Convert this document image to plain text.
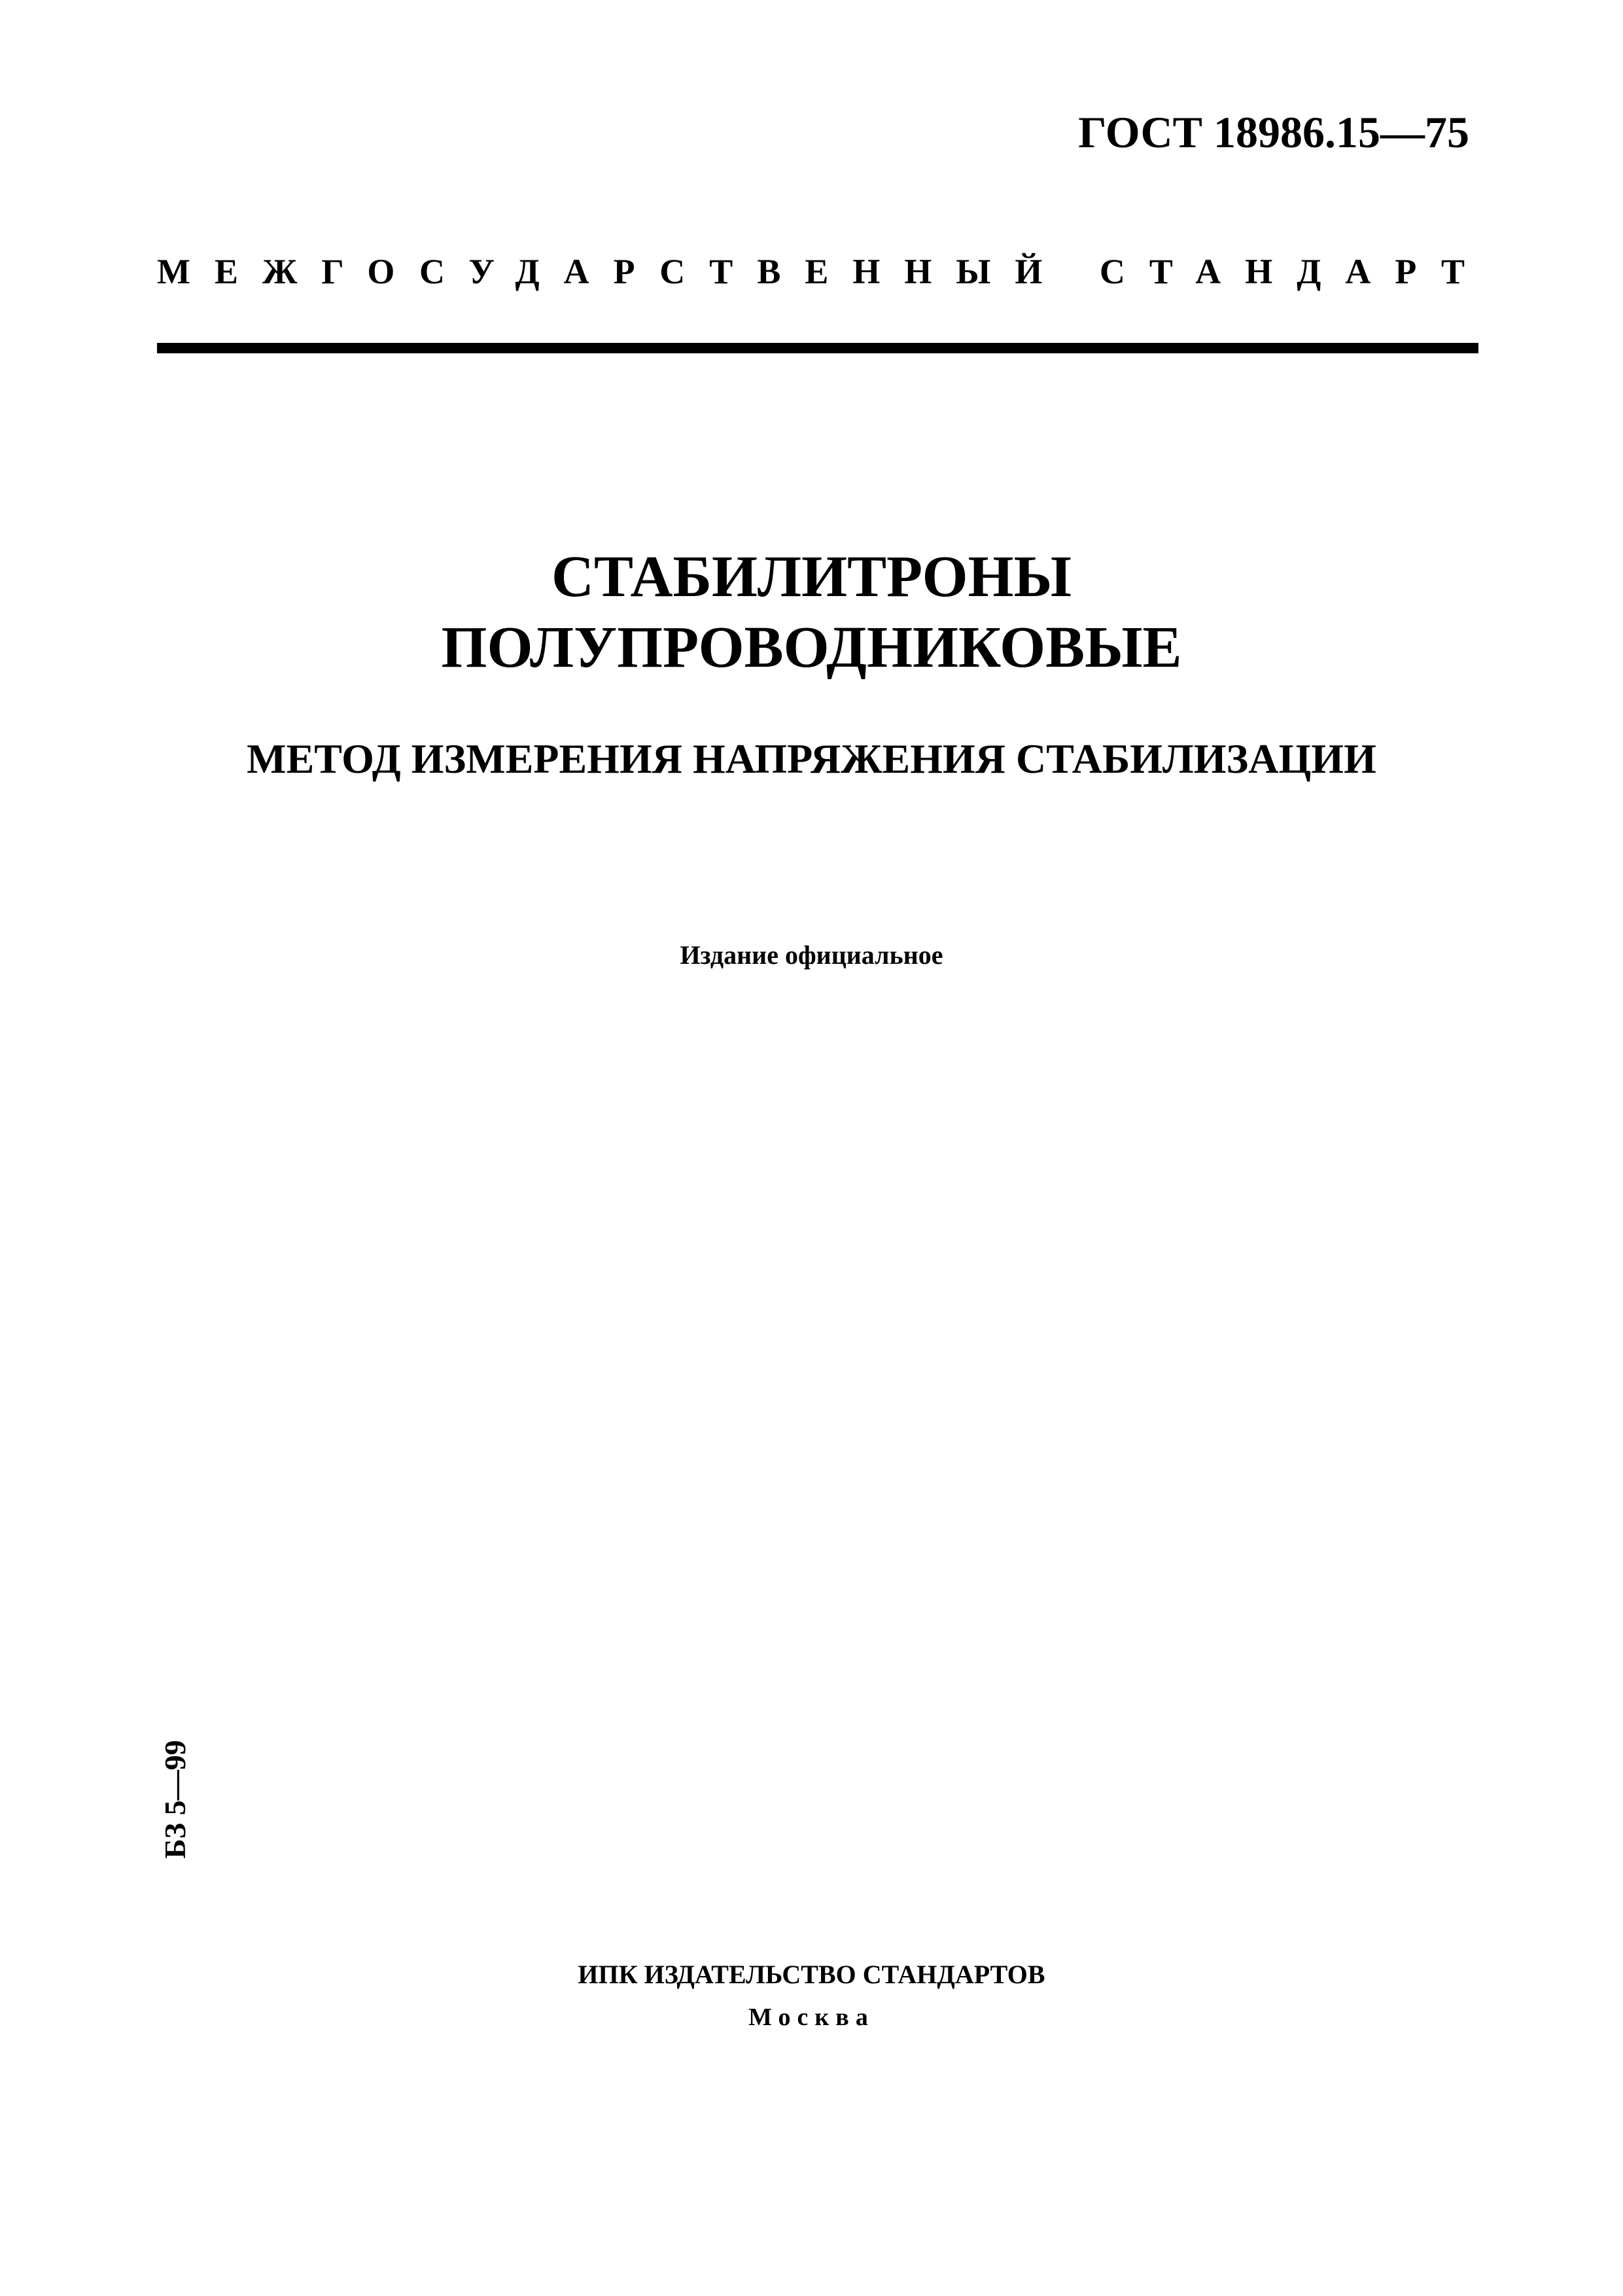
ГОСТ 18986.15—75
МЕЖГОСУДАРСТВЕННЫЙ СТАНДАРТ
СТАБИЛИТРОНЫ
ПОЛУПРОВОДНИКОВЫЕ
МЕТОД ИЗМЕРЕНИЯ НАПРЯЖЕНИЯ СТАБИЛИЗАЦИИ
Издание официальное
БЗ 5—99
ИПК ИЗДАТЕЛЬСТВО СТАНДАРТОВ
Москва
